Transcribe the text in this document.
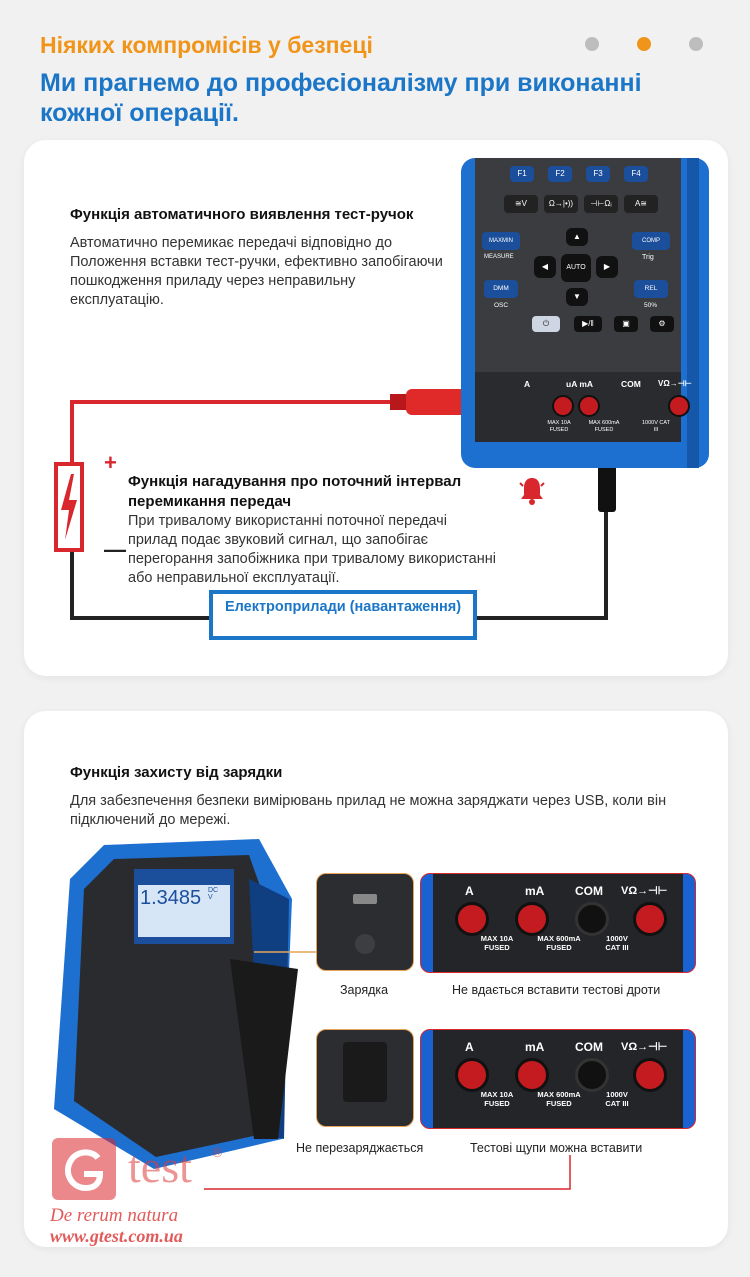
Ніяких компромісів у безпеці
Ми прагнемо до професіоналізму при виконанні кожної операції.
F1	F2	F3	F4
≅V	Ω→|•))	⊣⊢Ωᵢ	A≅
MAXMIN
MEASURE
COMP
Trig
▲
◀	AUTO	▶
▼
DMM
OSC
REL
50%
⏻	▶/‖	▣	⚙
A	uA mA	COM VΩ→⊣⊢
MAX 10A FUSED
MAX 600mA FUSED
1000V CAT III
Функція автоматичного виявлення тест-ручок
Автоматично перемикає передачі відповідно до Положення вставки тест-ручки, ефективно запобігаючи пошкодження приладу через неправильну експлуатацію.
+
—
Функція нагадування про поточний інтервал перемикання передач
При тривалому використанні поточної передачі прилад подає звуковий сигнал, що запобігає перегорання запобіжника при тривалому використанні або неправильної експлуатації.
Електроприлади (навантаження)
Функція захисту від зарядки
Для забезпечення безпеки вимірювань прилад не можна заряджати через USB, коли він підключений до мережі.
1.3485 DC V	A	mA	COM VΩ→⊣⊢
MAX 10A FUSED
MAX 600mA FUSED
1000V CAT III
A	mA	COM VΩ→⊣⊢
MAX 10A FUSED
MAX 600mA FUSED
1000V CAT III
Зарядка	Не вдається вставити тестові дроти
Не перезаряджається	Тестові щупи можна вставити
test ®
De rerum natura
www.gtest.com.ua
